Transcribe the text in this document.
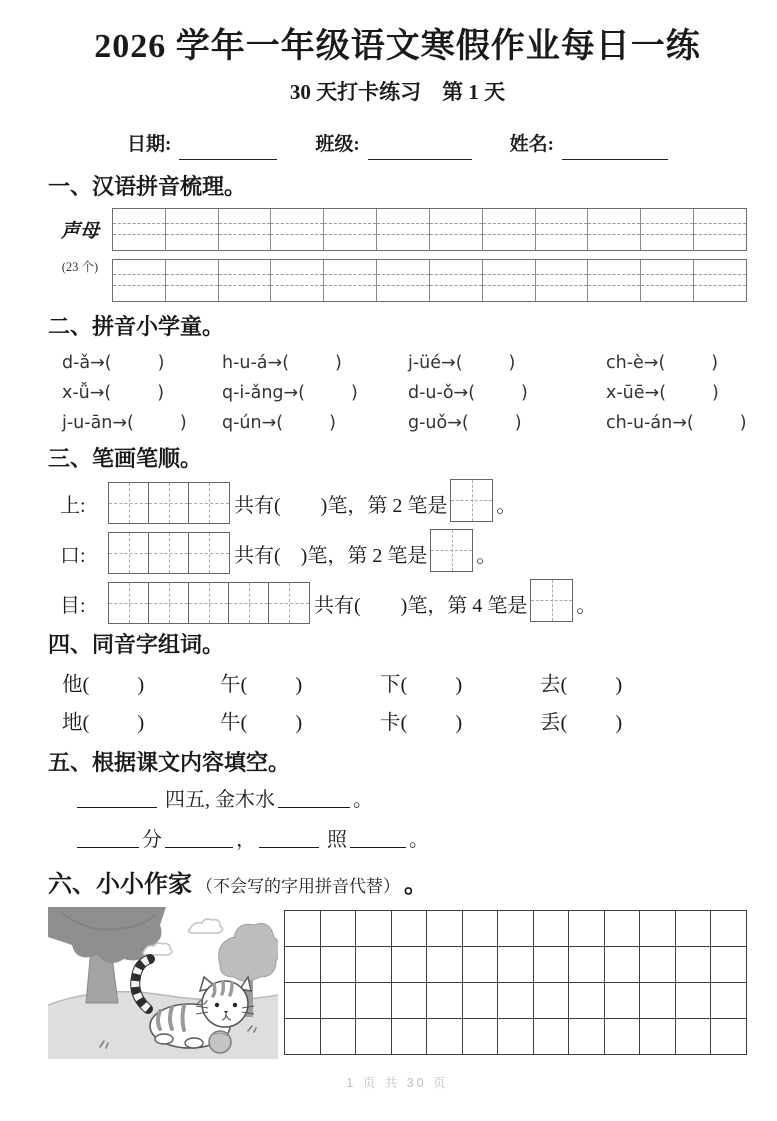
2026 学年一年级语文寒假作业每日一练
30 天打卡练习　第 1 天
日期:	班级:	姓名:
一、汉语拼音梳理。
声母
(23 个)
二、拼音小学童。
d-ǎ→(	)	h-u-á→(	)	j-üé→(	)	ch-è→(	)
x-ǚ→(	)	q-i-ǎng→(	)	d-u-ǒ→(	)	x-ūē→(	)
j-u-ān→(	) q-ún→(	)	g-uǒ→(	)	ch-u-án→(	)
三、笔画笔顺。
上:	共有(　　)笔，第 2 笔是 。
口:	共有(　)笔，第 2 笔是 。
目:	共有(　　)笔，第 4 笔是 。
四、同音字组词。
他( )	午( )	下( )	去( )
地( )	牛( )	卡( )	丢( )
五、根据课文内容填空。
四五, 金木水	。
分	，	照	。
六、小小作家 （不会写的字用拼音代替） 。
1 页 共 30 页
